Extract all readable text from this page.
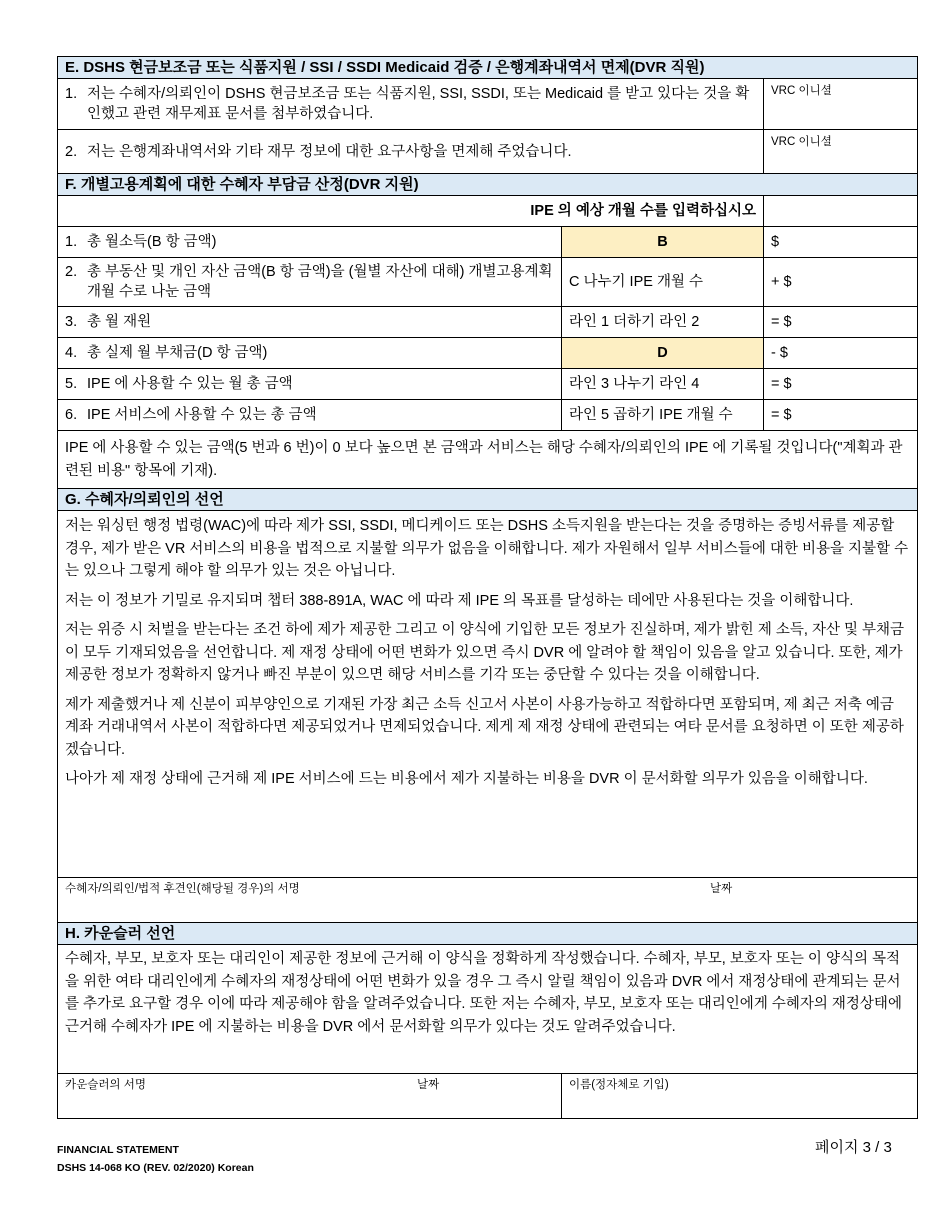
E. DSHS 현금보조금 또는 식품지원 / SSI / SSDI Medicaid 검증 / 은행계좌내역서 면제(DVR 직원)		

1. 저는 수혜자/의뢰인이 DSHS 현금보조금 또는 식품지원, SSI, SSDI, 또는 Medicaid 를 받고 있다는 것을 확인했고 관련 재무제표 문서를 첨부하였습니다.		VRC 이니셜

2. 저는 은행계좌내역서와 기타 재무 정보에 대한 요구사항을 면제해 주었습니다.		VRC 이니셜
F. 개별고용계획에 대한 수혜자 부담금 산정(DVR 지원)		
IPE 의 예상 개월 수를 입력하십시오		
1. 총 월소득(B 항 금액)	B	$

2. 총 부동산 및 개인 자산 금액(B 항 금액)을 (월별 자산에 대해) 개별고용계획 개월 수로 나눈 금액	C 나누기 IPE 개월 수	+ $
3. 총 월 재원	라인 1 더하기 라인 2	= $
4. 총 실제 월 부채금(D 항 금액)	D	- $
5. IPE 에 사용할 수 있는 월 총 금액	라인 3 나누기 라인 4	= $
6. IPE 서비스에 사용할 수 있는 총 금액	라인 5 곱하기 IPE 개월 수	= $

IPE 에 사용할 수 있는 금액(5 번과 6 번)이 0 보다 높으면 본 금액과 서비스는 해당 수혜자/의뢰인의 IPE 에 기록될 것입니다("계획과 관련된 비용" 항목에 기재).		

G. 수혜자/의뢰인의 선언		

저는 워싱턴 행정 법령(WAC)에 따라 제가 SSI, SSDI, 메디케이드 또는 DSHS 소득지원을 받는다는 것을 증명하는 증빙서류를 제공할 경우, 제가 받은 VR 서비스의 비용을 법적으로 지불할 의무가 없음을 이해합니다. 제가 자원해서 일부 서비스들에 대한 비용을 지불할 수는 있으나 그렇게 해야 할 의무가 있는 것은 아닙니다.

저는 이 정보가 기밀로 유지되며 챕터 388-891A, WAC 에 따라 제 IPE 의 목표를 달성하는 데에만 사용된다는 것을 이해합니다.

저는 위증 시 처벌을 받는다는 조건 하에 제가 제공한 그리고 이 양식에 기입한 모든 정보가 진실하며, 제가 밝힌 제 소득, 자산 및 부채금이 모두 기재되었음을 선언합니다. 제 재정 상태에 어떤 변화가 있으면 즉시 DVR 에 알려야 할 책임이 있음을 알고 있습니다. 또한, 제가 제공한 정보가 정확하지 않거나 빠진 부분이 있으면 해당 서비스를 기각 또는 중단할 수 있다는 것을 이해합니다.

제가 제출했거나 제 신분이 피부양인으로 기재된 가장 최근 소득 신고서 사본이 사용가능하고 적합하다면 포함되며, 제 최근 저축 예금 계좌 거래내역서 사본이 적합하다면 제공되었거나 면제되었습니다. 제게 제 재정 상태에 관련되는 여타 문서를 요청하면 이 또한 제공하겠습니다.

나아가 제 재정 상태에 근거해 제 IPE 서비스에 드는 비용에서 제가 지불하는 비용을 DVR 이 문서화할 의무가 있음을 이해합니다.		

수혜자/의뢰인/법적 후견인(해당될 경우)의 서명 날짜		

H. 카운슬러 선언		

수혜자, 부모, 보호자 또는 대리인이 제공한 정보에 근거해 이 양식을 정확하게 작성했습니다. 수혜자, 부모, 보호자 또는 이 양식의 목적을 위한 여타 대리인에게 수혜자의 재정상태에 어떤 변화가 있을 경우 그 즉시 알릴 책임이 있음과 DVR 에서 재정상태에 관계되는 문서를 추가로 요구할 경우 이에 따라 제공해야 함을 알려주었습니다. 또한 저는 수혜자, 부모, 보호자 또는 대리인에게 수혜자의 재정상태에 근거해 수혜자가 IPE 에 지불하는 비용을 DVR 에서 문서화할 의무가 있다는 것도 알려주었습니다.		

카운슬러의 서명 날짜	이름(정자체로 기입)	
FINANCIAL STATEMENT
DSHS 14-068 KO (REV. 02/2020) Korean
페이지 3 / 3
